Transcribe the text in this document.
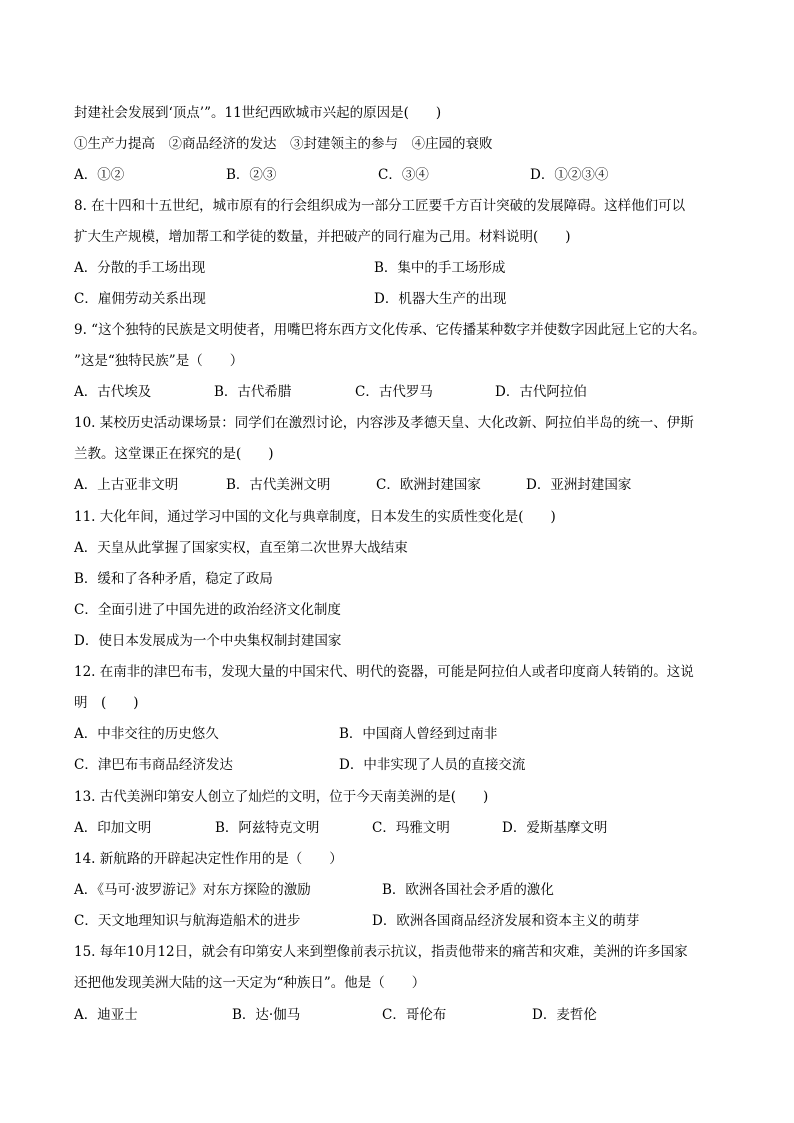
封建社会发展到‘顶点’”。11世纪西欧城市兴起的原因是(　　)
①生产力提高　②商品经济的发达　③封建领主的参与　④庄园的衰败
A．①②	B．②③	C．③④	D．①②③④
8. 在十四和十五世纪，城市原有的行会组织成为一部分工匠要千方百计突破的发展障碍。这样他们可以
扩大生产规模，增加帮工和学徒的数量，并把破产的同行雇为己用。材料说明(　　)
A．分散的手工场出现	B．集中的手工场形成
C．雇佣劳动关系出现	D．机器大生产的出现
9. “这个独特的民族是文明使者，用嘴巴将东西方文化传承、它传播某种数字并使数字因此冠上它的大名。
”这是“独特民族”是（　　）
A．古代埃及	B．古代希腊	C．古代罗马	D．古代阿拉伯
10. 某校历史活动课场景：同学们在激烈讨论，内容涉及孝德天皇、大化改新、阿拉伯半岛的统一、伊斯
兰教。这堂课正在探究的是(　　)
A．上古亚非文明	B．古代美洲文明	C．欧洲封建国家	D．亚洲封建国家
11. 大化年间，通过学习中国的文化与典章制度，日本发生的实质性变化是(　　)
A．天皇从此掌握了国家实权，直至第二次世界大战结束
B．缓和了各种矛盾，稳定了政局
C．全面引进了中国先进的政治经济文化制度
D．使日本发展成为一个中央集权制封建国家
12. 在南非的津巴布韦，发现大量的中国宋代、明代的瓷器，可能是阿拉伯人或者印度商人转销的。这说
明　(　　)
A．中非交往的历史悠久	B．中国商人曾经到过南非
C．津巴布韦商品经济发达	D．中非实现了人员的直接交流
13. 古代美洲印第安人创立了灿烂的文明，位于今天南美洲的是(　　)
A．印加文明	B．阿兹特克文明	C．玛雅文明	D．爱斯基摩文明
14. 新航路的开辟起决定性作用的是（　　）
A．《马可·波罗游记》对东方探险的激励	B．欧洲各国社会矛盾的激化
C．天文地理知识与航海造船术的进步	D．欧洲各国商品经济发展和资本主义的萌芽
15. 每年10月12日，就会有印第安人来到塑像前表示抗议，指责他带来的痛苦和灾难，美洲的许多国家
还把他发现美洲大陆的这一天定为“种族日”。他是（　　）
A．迪亚士	B．达·伽马	C．哥伦布	D．麦哲伦
